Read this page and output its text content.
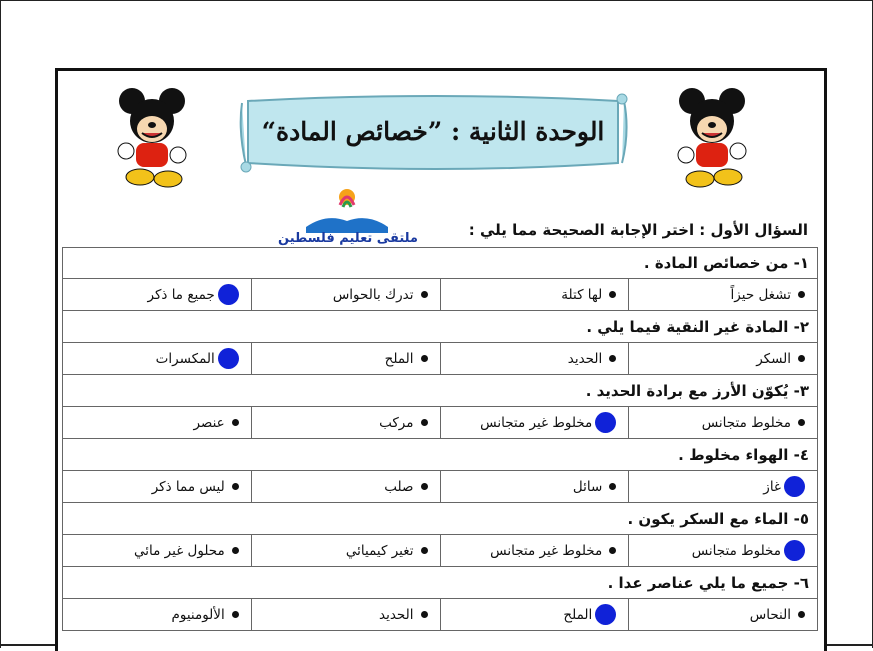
الوحدة الثانية : ”خصائص المادة“
ملتقى تعليم فلسطين	السؤال الأول : اختر الإجابة الصحيحة مما يلي :
١- من خصائص المادة .
تشغل حيزاً
لها كتلة
تدرك بالحواس
جميع ما ذكر
٢- المادة غير النقية فيما يلي .
السكر
الحديد
الملح
المكسرات
٣- يُكوّن الأرز مع برادة الحديد .
مخلوط متجانس
مخلوط غير متجانس
مركب
عنصر
٤- الهواء مخلوط .
غاز
سائل
صلب
ليس مما ذكر
٥- الماء مع السكر يكون .
مخلوط متجانس
مخلوط غير متجانس
تغير كيميائي
محلول غير مائي
٦- جميع ما يلي عناصر عدا .
النحاس
الملح
الحديد
الألومنيوم
